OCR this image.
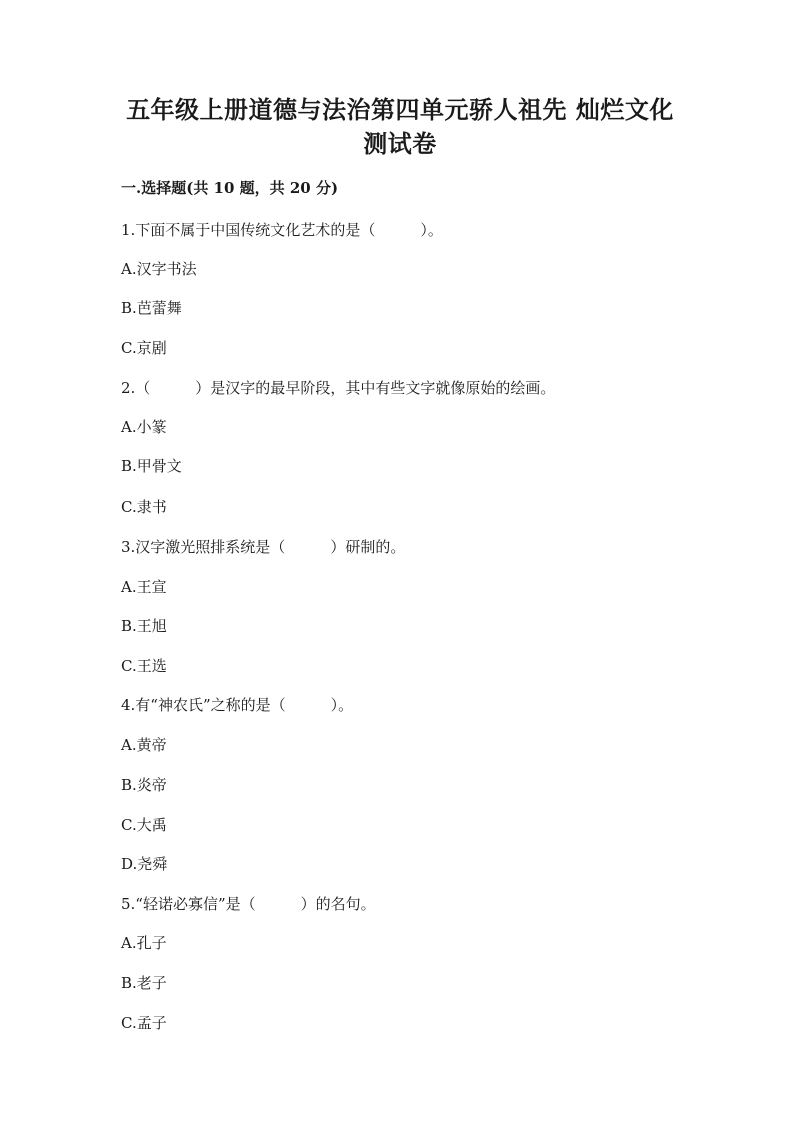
五年级上册道德与法治第四单元骄人祖先 灿烂文化
测试卷
一.选择题(共 10 题，共 20 分)
1.下面不属于中国传统文化艺术的是（　　　）。
A.汉字书法
B.芭蕾舞
C.京剧
2.（　　　）是汉字的最早阶段，其中有些文字就像原始的绘画。
A.小篆
B.甲骨文
C.隶书
3.汉字激光照排系统是（　　　）研制的。
A.王宣
B.王旭
C.王选
4.有“神农氏”之称的是（　　　）。
A.黄帝
B.炎帝
C.大禹
D.尧舜
5.“轻诺必寡信”是（　　　）的名句。
A.孔子
B.老子
C.孟子
